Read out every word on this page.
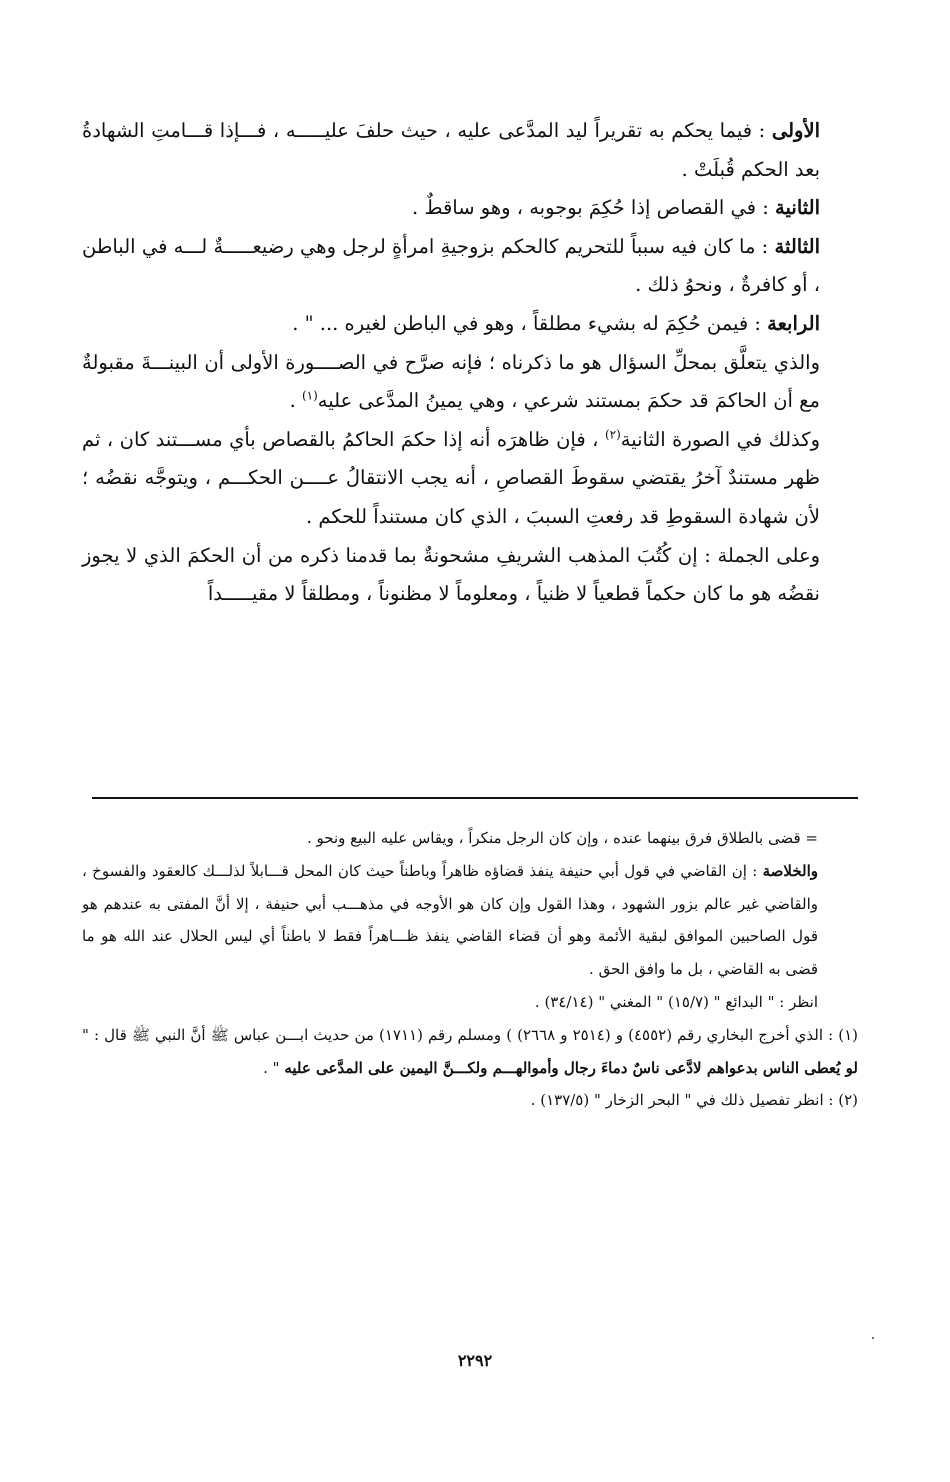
الأولى : فيما يحكم به تقريراً ليد المدَّعى عليه ، حيث حلفَ عليـــــه ، فـــإذا قـــامتِ الشهادةُ بعد الحكم قُبلَتْ .

الثانية : في القصاص إذا حُكِمَ بوجوبه ، وهو ساقطٌ .

الثالثة : ما كان فيه سبباً للتحريم كالحكم بزوجيةِ امرأةٍ لرجل وهي رضيعـــــةٌ لـــه في الباطن ، أو كافرةٌ ، ونحوُ ذلك .

الرابعة : فيمن حُكِمَ له بشيء مطلقاً ، وهو في الباطن لغيره ... " .

والذي يتعلَّق بمحلِّ السؤال هو ما ذكرناه ؛ فإنه صرَّح في الصــــورة الأولى أن البينـــةَ مقبولةٌ مع أن الحاكمَ قد حكمَ بمستند شرعي ، وهي يمينُ المدَّعى عليه$^{(١)}$ .

وكذلك في الصورة الثانية$^{(٢)}$ ، فإن ظاهرَه أنه إذا حكمَ الحاكمُ بالقصاص بأي مســـتند كان ، ثم ظهر مستندٌ آخرُ يقتضي سقوطَ القصاصِ ، أنه يجب الانتقالُ عــــن الحكـــم ، ويتوجَّه نقضُه ؛ لأن شهادة السقوطِ قد رفعتِ السببَ ، الذي كان مستنداً للحكم .

وعلى الجملة : إن كُتُبَ المذهب الشريفِ مشحونةٌ بما قدمنا ذكره من أن الحكمَ الذي لا يجوز نقضُه هو ما كان حكماً قطعياً لا ظنياً ، ومعلوماً لا مظنوناً ، ومطلقاً لا مقيـــــداً

= قضى بالطلاق فرق بينهما عنده ، وإن كان الرجل منكراً ، ويقاس عليه البيع ونحو .

والخلاصة : إن القاضي في قول أبي حنيفة ينفذ قضاؤه ظاهراً وباطناً حيث كان المحل قـــابلاً لذلـــك كالعقود والفسوخ ، والقاضي غير عالم بزور الشهود ، وهذا القول وإن كان هو الأوجه في مذهـــب أبي حنيفة ، إلا أنَّ المفتى به عندهم هو قول الصاحبين الموافق لبقية الأئمة وهو أن قضاء القاضي ينفذ ظـــاهراً فقط لا باطناً أي ليس الحلال عند الله هو ما قضى به القاضي ، بل ما وافق الحق .

انظر : " البدائع " (١٥/٧) " المغني " (٣٤/١٤) .

(١) : الذي أخرج البخاري رقم (٤٥٥٢) و (٢٥١٤ و ٢٦٦٨) ) ومسلم رقم (١٧١١) من حديث ابـــن عباس ﷺ أنَّ النبي ﷺ قال : " لو يُعطى الناس بدعواهم لادَّعى ناسٌ دماءَ رجال وأموالهـــم ولكـــنَّ اليمين على المدَّعى عليه " .

(٢) : انظر تفصيل ذلك في " البحر الزخار " (١٣٧/٥) .

٢٢٩٢
